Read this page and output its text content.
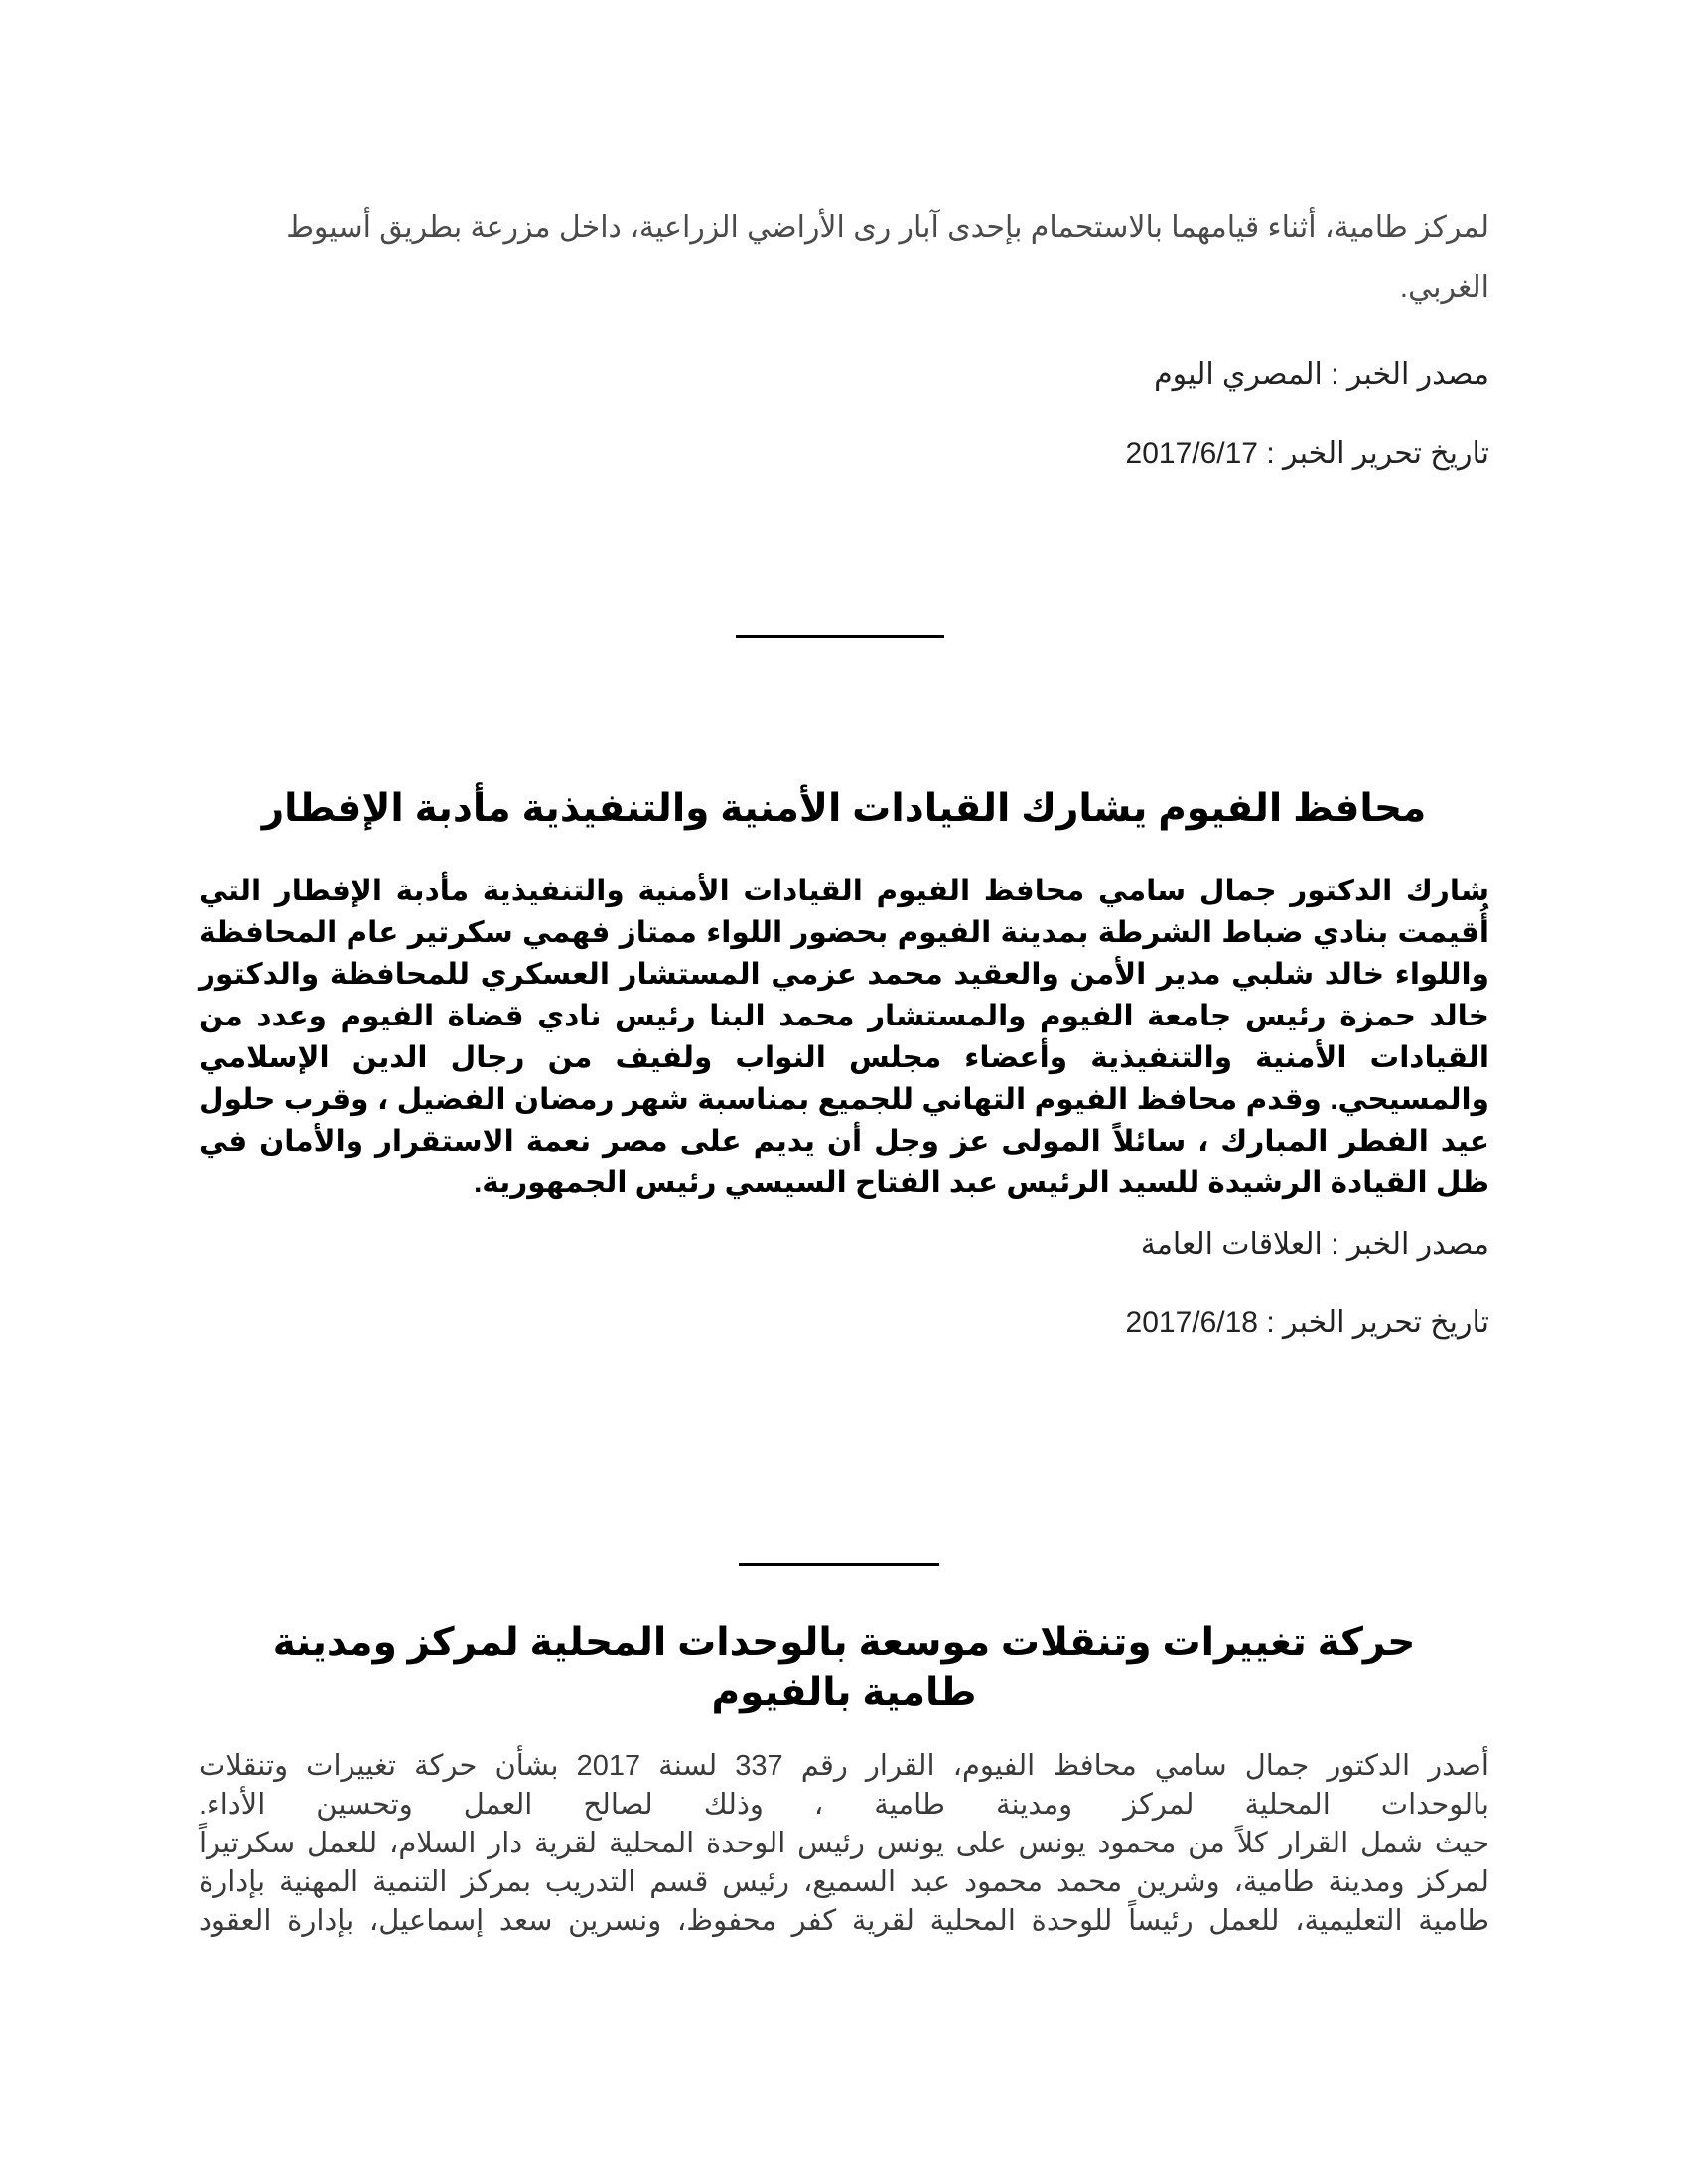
لمركز طامية، أثناء قيامهما بالاستحمام بإحدى آبار رى الأراضي الزراعية، داخل مزرعة بطريق أسيوط الغربي.

مصدر الخبر : المصري اليوم

تاريخ تحرير الخبر : 2017/6/17

محافظ الفيوم يشارك القيادات الأمنية والتنفيذية مأدبة الإفطار

شارك الدكتور جمال سامي محافظ الفيوم القيادات الأمنية والتنفيذية مأدبة الإفطار التي أُقيمت بنادي ضباط الشرطة بمدينة الفيوم بحضور اللواء ممتاز فهمي سكرتير عام المحافظة واللواء خالد شلبي مدير الأمن والعقيد محمد عزمي المستشار العسكري للمحافظة والدكتور خالد حمزة رئيس جامعة الفيوم والمستشار محمد البنا رئيس نادي قضاة الفيوم وعدد من القيادات الأمنية والتنفيذية وأعضاء مجلس النواب ولفيف من رجال الدين الإسلامي والمسيحي. وقدم محافظ الفيوم التهاني للجميع بمناسبة شهر رمضان الفضيل ، وقرب حلول عيد الفطر المبارك ، سائلاً المولى عز وجل أن يديم على مصر نعمة الاستقرار والأمان في ظل القيادة الرشيدة للسيد الرئيس عبد الفتاح السيسي رئيس الجمهورية.

مصدر الخبر : العلاقات العامة

تاريخ تحرير الخبر : 2017/6/18

حركة تغييرات وتنقلات موسعة بالوحدات المحلية لمركز ومدينة طامية بالفيوم
أصدر الدكتور جمال سامي محافظ الفيوم، القرار رقم 337 لسنة 2017 بشأن حركة تغييرات وتنقلات
بالوحدات المحلية لمركز ومدينة طامية ، وذلك لصالح العمل وتحسين الأداء.
حيث شمل القرار كلاً من محمود يونس على يونس رئيس الوحدة المحلية لقرية دار السلام، للعمل سكرتيراً
لمركز ومدينة طامية، وشرين محمد محمود عبد السميع، رئيس قسم التدريب بمركز التنمية المهنية بإدارة
طامية التعليمية، للعمل رئيساً للوحدة المحلية لقرية كفر محفوظ، ونسرين سعد إسماعيل، بإدارة العقود
